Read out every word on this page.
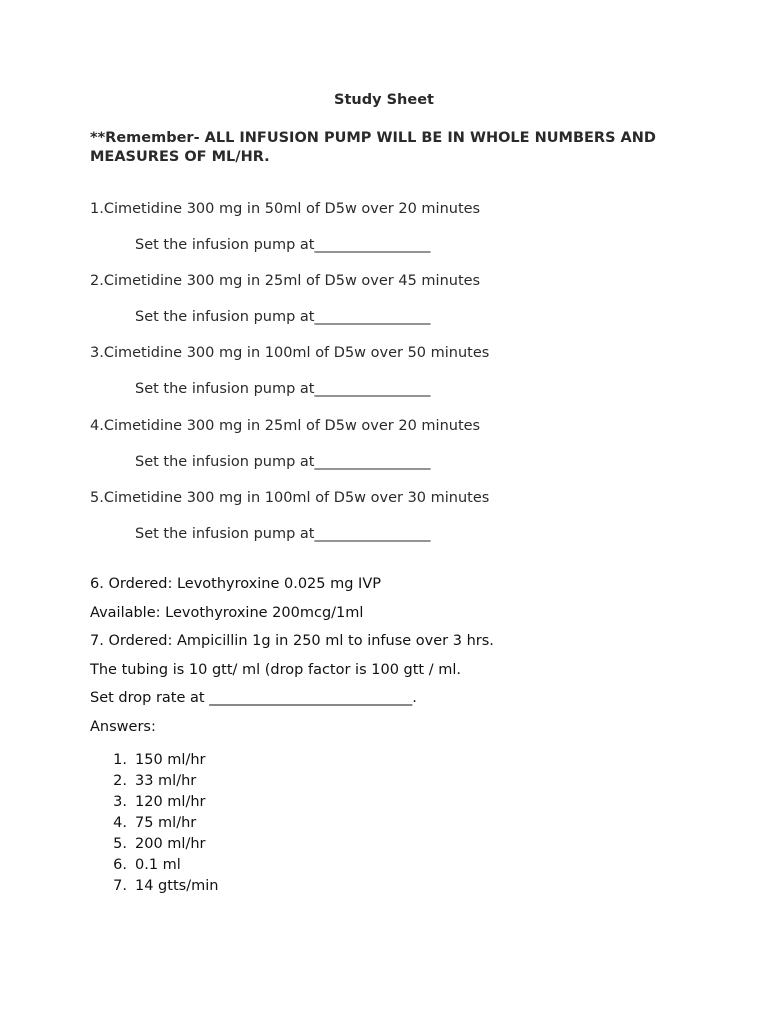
Study Sheet
**Remember- ALL INFUSION PUMP WILL BE IN WHOLE NUMBERS AND MEASURES OF ML/HR.
1.Cimetidine 300 mg in 50ml of D5w over 20 minutes
Set the infusion pump at________________
2.Cimetidine 300 mg in 25ml of D5w over 45 minutes
Set the infusion pump at________________
3.Cimetidine 300 mg in 100ml of D5w over 50 minutes
Set the infusion pump at________________
4.Cimetidine 300 mg in 25ml of D5w over 20 minutes
Set the infusion pump at________________
5.Cimetidine 300 mg in 100ml of D5w over 30 minutes
Set the infusion pump at________________
6. Ordered: Levothyroxine 0.025 mg IVP
Available: Levothyroxine 200mcg/1ml
7. Ordered: Ampicillin 1g in 250 ml to infuse over 3 hrs.
The tubing is 10 gtt/ ml (drop factor is 100 gtt / ml.
Set drop rate at ____________________________.
Answers:
1. 150 ml/hr
2. 33 ml/hr
3. 120 ml/hr
4. 75 ml/hr
5. 200 ml/hr
6. 0.1 ml
7. 14 gtts/min
